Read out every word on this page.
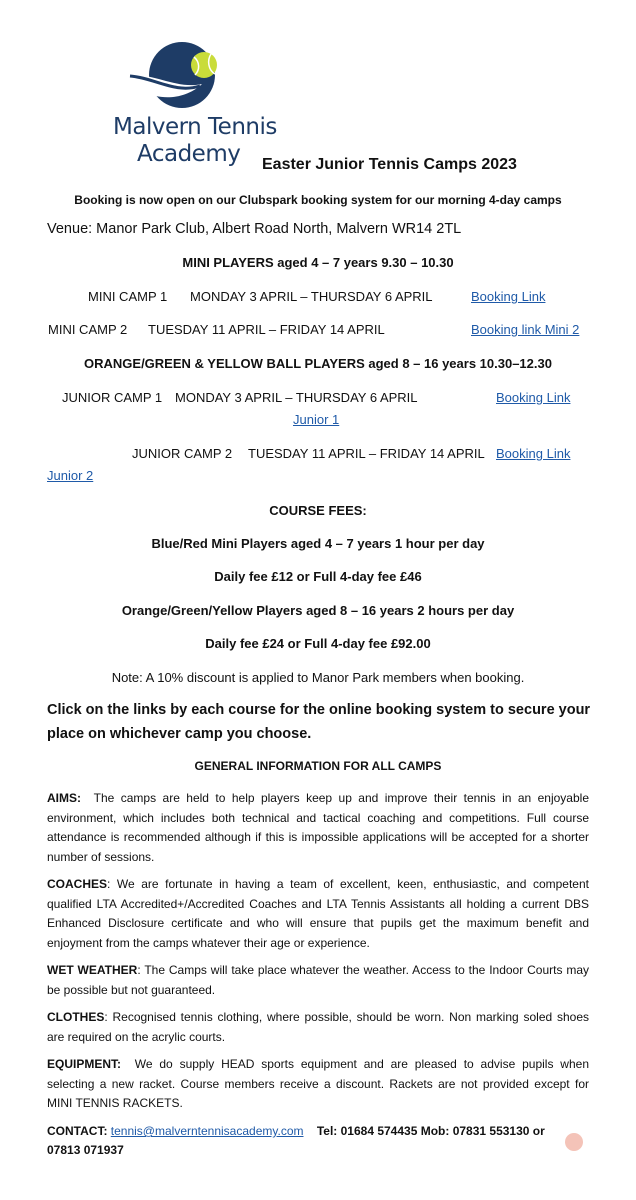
Malvern Tennis
Academy Easter Junior Tennis Camps 2023
Booking is now open on our Clubspark booking system for our morning 4-day camps
Venue: Manor Park Club, Albert Road North, Malvern WR14 2TL
MINI PLAYERS aged 4 – 7 years 9.30 – 10.30
MINI CAMP 1 MONDAY 3 APRIL – THURSDAY 6 APRIL	Booking Link
MINI CAMP 2 TUESDAY 11 APRIL – FRIDAY 14 APRIL	Booking link Mini 2
ORANGE/GREEN & YELLOW BALL PLAYERS aged 8 – 16 years 10.30–12.30
JUNIOR CAMP 1 MONDAY 3 APRIL – THURSDAY 6 APRIL	Booking Link
Junior 1
JUNIOR CAMP 2 TUESDAY 11 APRIL – FRIDAY 14 APRIL Booking Link
Junior 2
COURSE FEES:
Blue/Red Mini Players aged 4 – 7 years 1 hour per day
Daily fee £12 or Full 4-day fee £46
Orange/Green/Yellow Players aged 8 – 16 years 2 hours per day
Daily fee £24 or Full 4-day fee £92.00
Note: A 10% discount is applied to Manor Park members when booking.
Click on the links by each course for the online booking system to secure your
place on whichever camp you choose.
GENERAL INFORMATION FOR ALL CAMPS
AIMS: The camps are held to help players keep up and improve their tennis in an enjoyable environment, which includes both technical and tactical coaching and competitions. Full course attendance is recommended although if this is impossible applications will be accepted for a shorter number of sessions.
COACHES: We are fortunate in having a team of excellent, keen, enthusiastic, and competent qualified LTA Accredited+/Accredited Coaches and LTA Tennis Assistants all holding a current DBS Enhanced Disclosure certificate and who will ensure that pupils get the maximum benefit and enjoyment from the camps whatever their age or experience.
WET WEATHER: The Camps will take place whatever the weather. Access to the Indoor Courts may be possible but not guaranteed.
CLOTHES: Recognised tennis clothing, where possible, should be worn. Non marking soled shoes are required on the acrylic courts.
EQUIPMENT: We do supply HEAD sports equipment and are pleased to advise pupils when selecting a new racket. Course members receive a discount. Rackets are not provided except for MINI TENNIS RACKETS.
CONTACT: tennis@malverntennisacademy.com Tel: 01684 574435 Mob: 07831 553130 or
07813 071937
